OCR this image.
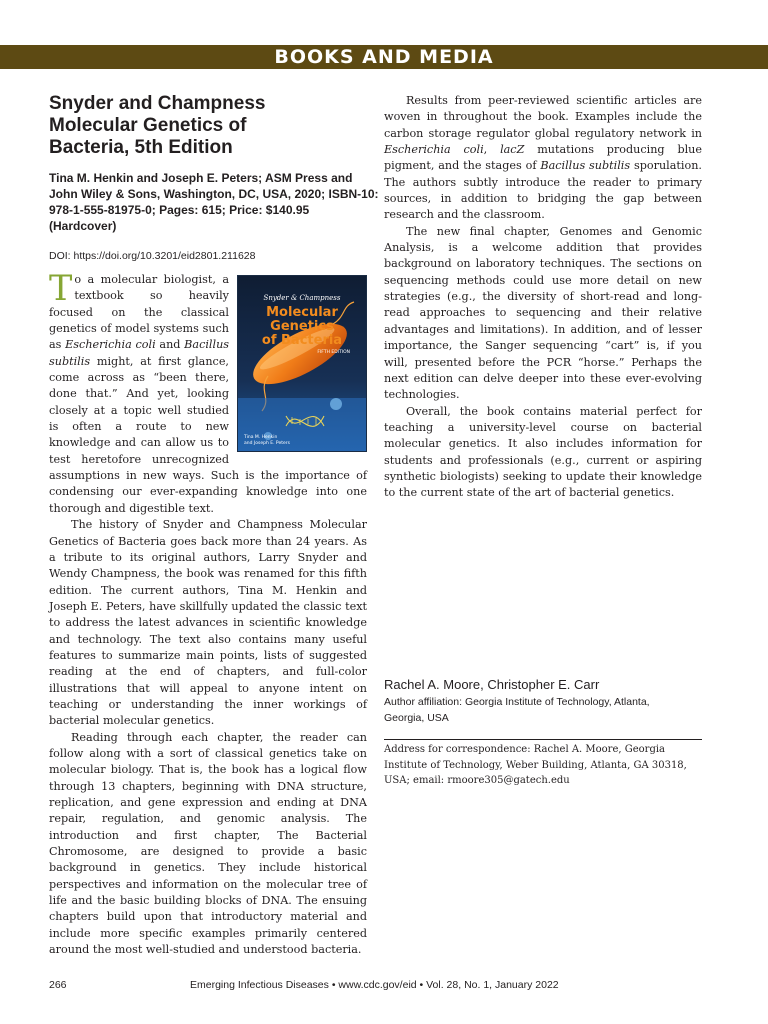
BOOKS AND MEDIA
Snyder and Champness Molecular Genetics of Bacteria, 5th Edition
Tina M. Henkin and Joseph E. Peters; ASM Press and John Wiley & Sons, Washington, DC, USA, 2020; ISBN-10: 978-1-555-81975-0; Pages: 615; Price: $140.95 (Hardcover)
DOI: https://doi.org/10.3201/eid2801.211628

T	Snyder & Champness
Molecular
Genetics
of Bacteria
FIFTH EDITION
Tina M. Henkin
and Joseph E. Peters
o a molecular biologist, a textbook so heavily focused on the classical genetics of model systems such as Escherichia coli and Bacillus subtilis might, at first glance, come across as “been there, done that.” And yet, looking closely at a topic well studied is often a route to new knowledge and can allow us to test heretofore unrecognized assumptions in new ways. Such is the importance of condensing our ever-expanding knowledge into one thorough and digestible text.

The history of Snyder and Champness Molecular Genetics of Bacteria goes back more than 24 years. As a tribute to its original authors, Larry Snyder and Wendy Champness, the book was renamed for this fifth edition. The current authors, Tina M. Henkin and Joseph E. Peters, have skillfully updated the classic text to address the latest advances in scientific knowledge and technology. The text also contains many useful features to summarize main points, lists of suggested reading at the end of chapters, and full-color illustrations that will appeal to anyone intent on teaching or understanding the inner workings of bacterial molecular genetics.

Reading through each chapter, the reader can follow along with a sort of classical genetics take on molecular biology. That is, the book has a logical flow through 13 chapters, beginning with DNA structure, replication, and gene expression and ending at DNA repair, regulation, and genomic analysis. The introduction and first chapter, The Bacterial Chromosome, are designed to provide a basic background in genetics. They include historical perspectives and information on the molecular tree of life and the basic building blocks of DNA. The ensuing chapters build upon that introductory material and include more specific examples primarily centered around the most well-studied and understood bacteria.

Results from peer-reviewed scientific articles are woven in throughout the book. Examples include the carbon storage regulator global regulatory network in Escherichia coli, lacZ mutations producing blue pigment, and the stages of Bacillus subtilis sporulation. The authors subtly introduce the reader to primary sources, in addition to bridging the gap between research and the classroom.

The new final chapter, Genomes and Genomic Analysis, is a welcome addition that provides background on laboratory techniques. The sections on sequencing methods could use more detail on new strategies (e.g., the diversity of short-read and long-read approaches to sequencing and their relative advantages and limitations). In addition, and of lesser importance, the Sanger sequencing “cart” is, if you will, presented before the PCR “horse.” Perhaps the next edition can delve deeper into these ever-evolving technologies.

Overall, the book contains material perfect for teaching a university-level course on bacterial molecular genetics. It also includes information for students and professionals (e.g., current or aspiring synthetic biologists) seeking to update their knowledge to the current state of the art of bacterial genetics.

Rachel A. Moore, Christopher E. Carr
Author affiliation: Georgia Institute of Technology, Atlanta, Georgia, USA
Address for correspondence: Rachel A. Moore, Georgia Institute of Technology, Weber Building, Atlanta, GA 30318, USA; email: rmoore305@gatech.edu
266	Emerging Infectious Diseases • www.cdc.gov/eid • Vol. 28, No. 1, January 2022
